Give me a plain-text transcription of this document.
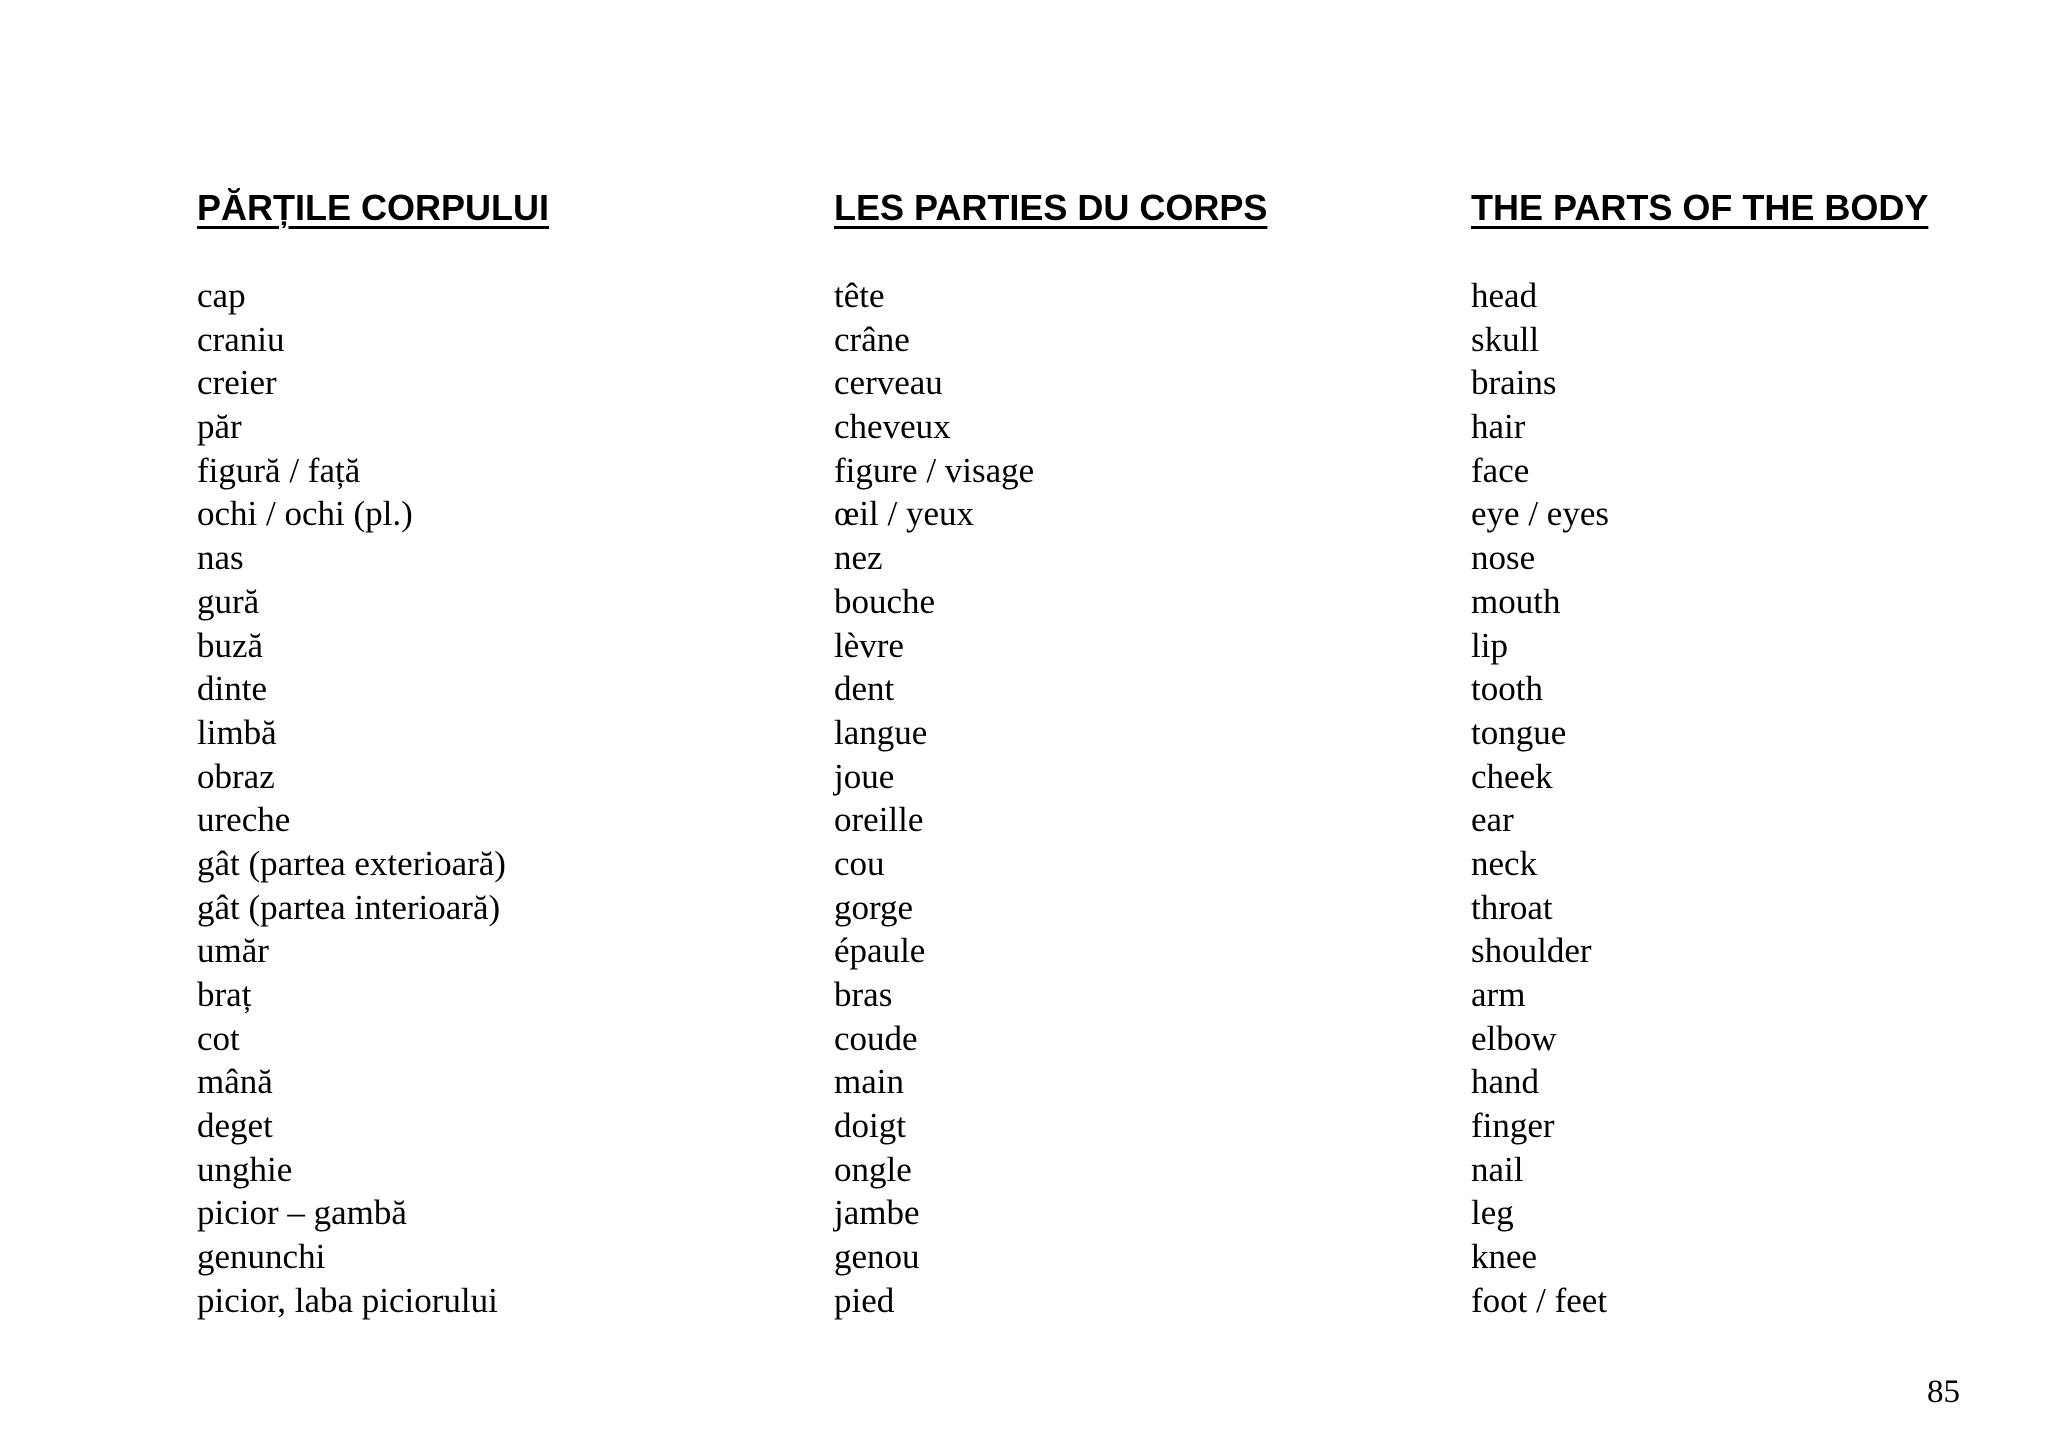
PĂRȚILE CORPULUI
cap
craniu
creier
păr
figură / față
ochi / ochi (pl.)
nas
gură
buză
dinte
limbă
obraz
ureche
gât (partea exterioară)
gât (partea interioară)
umăr
braț
cot
mână
deget
unghie
picior – gambă
genunchi
picior, laba piciorului
LES PARTIES DU CORPS
tête
crâne
cerveau
cheveux
figure / visage
œil / yeux
nez
bouche
lèvre
dent
langue
joue
oreille
cou
gorge
épaule
bras
coude
main
doigt
ongle
jambe
genou
pied
THE PARTS OF THE BODY
head
skull
brains
hair
face
eye / eyes
nose
mouth
lip
tooth
tongue
cheek
ear
neck
throat
shoulder
arm
elbow
hand
finger
nail
leg
knee
foot / feet
85
